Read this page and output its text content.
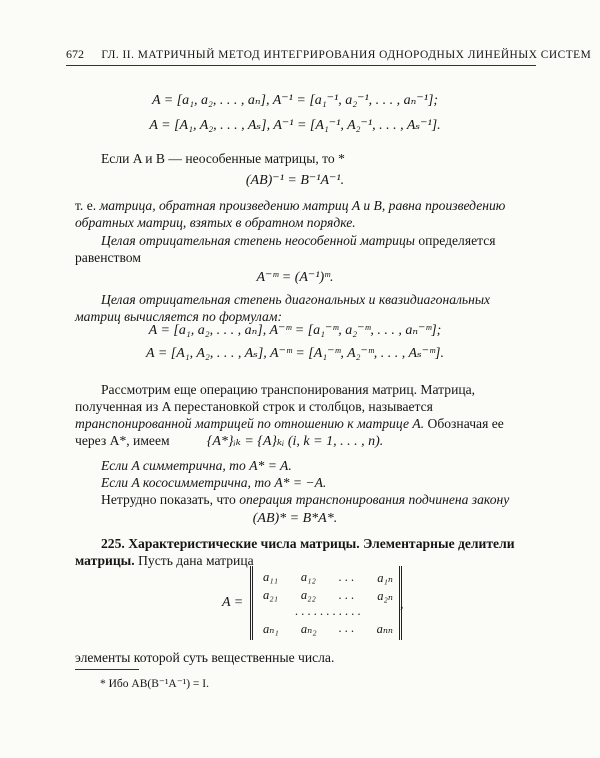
672 ГЛ. II. МАТРИЧНЫЙ МЕТОД ИНТЕГРИРОВАНИЯ ОДНОРОДНЫХ ЛИНЕЙНЫХ СИСТЕМ
A = [a₁, a₂, . . . , aₙ], A⁻¹ = [a₁⁻¹, a₂⁻¹, . . . , aₙ⁻¹];
A = [A₁, A₂, . . . , Aₛ], A⁻¹ = [A₁⁻¹, A₂⁻¹, . . . , Aₛ⁻¹].
Если A и B — неособенные матрицы, то *
(AB)⁻¹ = B⁻¹A⁻¹.
т. е. матрица, обратная произведению матриц A и B, равна произведению обратных матриц, взятых в обратном порядке.
Целая отрицательная степень неособенной матрицы определяется равенством
A⁻ᵐ = (A⁻¹)ᵐ.
Целая отрицательная степень диагональных и квазидиагональных матриц вычисляется по формулам:
A = [a₁, a₂, . . . , aₙ], A⁻ᵐ = [a₁⁻ᵐ, a₂⁻ᵐ, . . . , aₙ⁻ᵐ];
A = [A₁, A₂, . . . , Aₛ], A⁻ᵐ = [A₁⁻ᵐ, A₂⁻ᵐ, . . . , Aₛ⁻ᵐ].
Рассмотрим еще операцию транспонирования матриц. Матрица, полученная из A перестановкой строк и столбцов, называется транспонированной матрицей по отношению к матрице A. Обозначая ее через A*, имеем	{A*}ᵢₖ = {A}ₖᵢ (i, k = 1, . . . , n).
Если A симметрична, то A* = A.
Если A кососимметрична, то A* = −A.
Нетрудно показать, что операция транспонирования подчинена закону
(AB)* = B*A*.
225. Характеристические числа матрицы. Элементарные делители матрицы. Пусть дана матрица
A =
a₁₁ a₁₂ . . . a₁ₙ
a₂₁ a₂₂ . . . a₂ₙ
. . . . . . . . . . .
aₙ₁ aₙ₂ . . . aₙₙ
,
элементы которой суть вещественные числа.
* Ибо AB(B⁻¹A⁻¹) = I.
